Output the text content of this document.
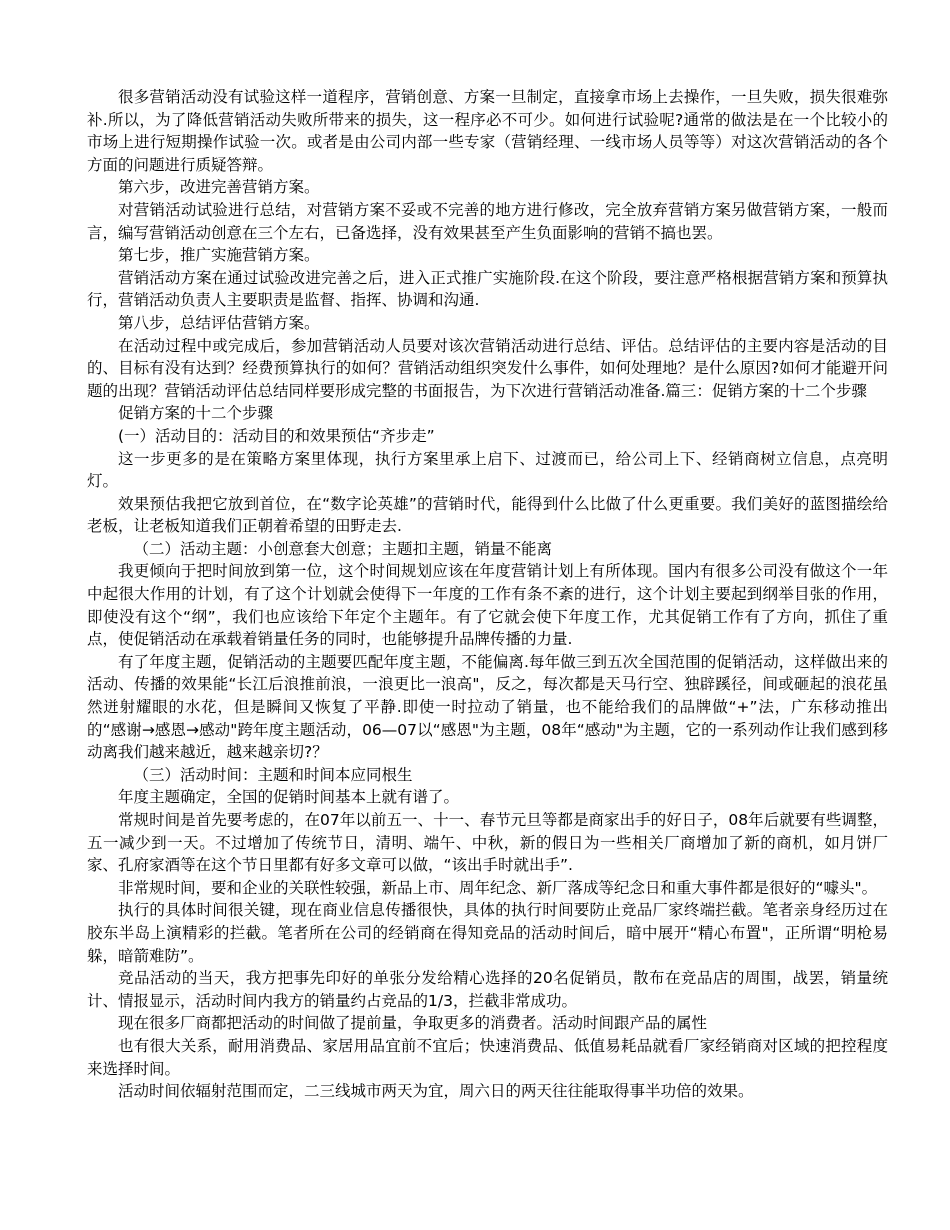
很多营销活动没有试验这样一道程序，营销创意、方案一旦制定，直接拿市场上去操作，一旦失败，损失很难弥补.所以，为了降低营销活动失败所带来的损失，这一程序必不可少。如何进行试验呢?通常的做法是在一个比较小的市场上进行短期操作试验一次。或者是由公司内部一些专家（营销经理、一线市场人员等等）对这次营销活动的各个方面的问题进行质疑答辩。

第六步，改进完善营销方案。

对营销活动试验进行总结，对营销方案不妥或不完善的地方进行修改，完全放弃营销方案另做营销方案，一般而言，编写营销活动创意在三个左右，已备选择，没有效果甚至产生负面影响的营销不搞也罢。

第七步，推广实施营销方案。

营销活动方案在通过试验改进完善之后，进入正式推广实施阶段.在这个阶段，要注意严格根据营销方案和预算执行，营销活动负责人主要职责是监督、指挥、协调和沟通.

第八步，总结评估营销方案。

在活动过程中或完成后，参加营销活动人员要对该次营销活动进行总结、评估。总结评估的主要内容是活动的目的、目标有没有达到？经费预算执行的如何？营销活动组织突发什么事件，如何处理地？是什么原因?如何才能避开问题的出现？营销活动评估总结同样要形成完整的书面报告，为下次进行营销活动准备.篇三：促销方案的十二个步骤

促销方案的十二个步骤

(一）活动目的：活动目的和效果预估“齐步走”

这一步更多的是在策略方案里体现，执行方案里承上启下、过渡而已，给公司上下、经销商树立信息，点亮明灯。

效果预估我把它放到首位，在“数字论英雄”的营销时代，能得到什么比做了什么更重要。我们美好的蓝图描绘给老板，让老板知道我们正朝着希望的田野走去.

（二）活动主题：小创意套大创意；主题扣主题，销量不能离

我更倾向于把时间放到第一位，这个时间规划应该在年度营销计划上有所体现。国内有很多公司没有做这个一年中起很大作用的计划，有了这个计划就会使得下一年度的工作有条不紊的进行，这个计划主要起到纲举目张的作用，即使没有这个“纲”，我们也应该给下年定个主题年。有了它就会使下年度工作，尤其促销工作有了方向，抓住了重点，使促销活动在承载着销量任务的同时，也能够提升品牌传播的力量.

有了年度主题，促销活动的主题要匹配年度主题，不能偏离.每年做三到五次全国范围的促销活动，这样做出来的活动、传播的效果能“长江后浪推前浪，一浪更比一浪高"，反之，每次都是天马行空、独辟蹊径，间或砸起的浪花虽然迸射耀眼的水花，但是瞬间又恢复了平静.即使一时拉动了销量，也不能给我们的品牌做“+”法，广东移动推出的“感谢→感恩→感动"跨年度主题活动，06—07以“感恩"为主题，08年“感动"为主题，它的一系列动作让我们感到移动离我们越来越近，越来越亲切?？

（三）活动时间：主题和时间本应同根生

年度主题确定，全国的促销时间基本上就有谱了。

常规时间是首先要考虑的，在07年以前五一、十一、春节元旦等都是商家出手的好日子，08年后就要有些调整，五一减少到一天。不过增加了传统节日，清明、端午、中秋，新的假日为一些相关厂商增加了新的商机，如月饼厂家、孔府家酒等在这个节日里都有好多文章可以做，“该出手时就出手”.

非常规时间，要和企业的关联性较强，新品上市、周年纪念、新厂落成等纪念日和重大事件都是很好的“噱头"。

执行的具体时间很关键，现在商业信息传播很快，具体的执行时间要防止竞品厂家终端拦截。笔者亲身经历过在胶东半岛上演精彩的拦截。笔者所在公司的经销商在得知竞品的活动时间后，暗中展开“精心布置"，正所谓“明枪易躲，暗箭难防”。

竞品活动的当天，我方把事先印好的单张分发给精心选择的20名促销员，散布在竞品店的周围，战罢，销量统计、情报显示，活动时间内我方的销量约占竞品的1/3，拦截非常成功。

现在很多厂商都把活动的时间做了提前量，争取更多的消费者。活动时间跟产品的属性

也有很大关系，耐用消费品、家居用品宜前不宜后；快速消费品、低值易耗品就看厂家经销商对区域的把控程度来选择时间。

活动时间依辐射范围而定，二三线城市两天为宜，周六日的两天往往能取得事半功倍的效果。
